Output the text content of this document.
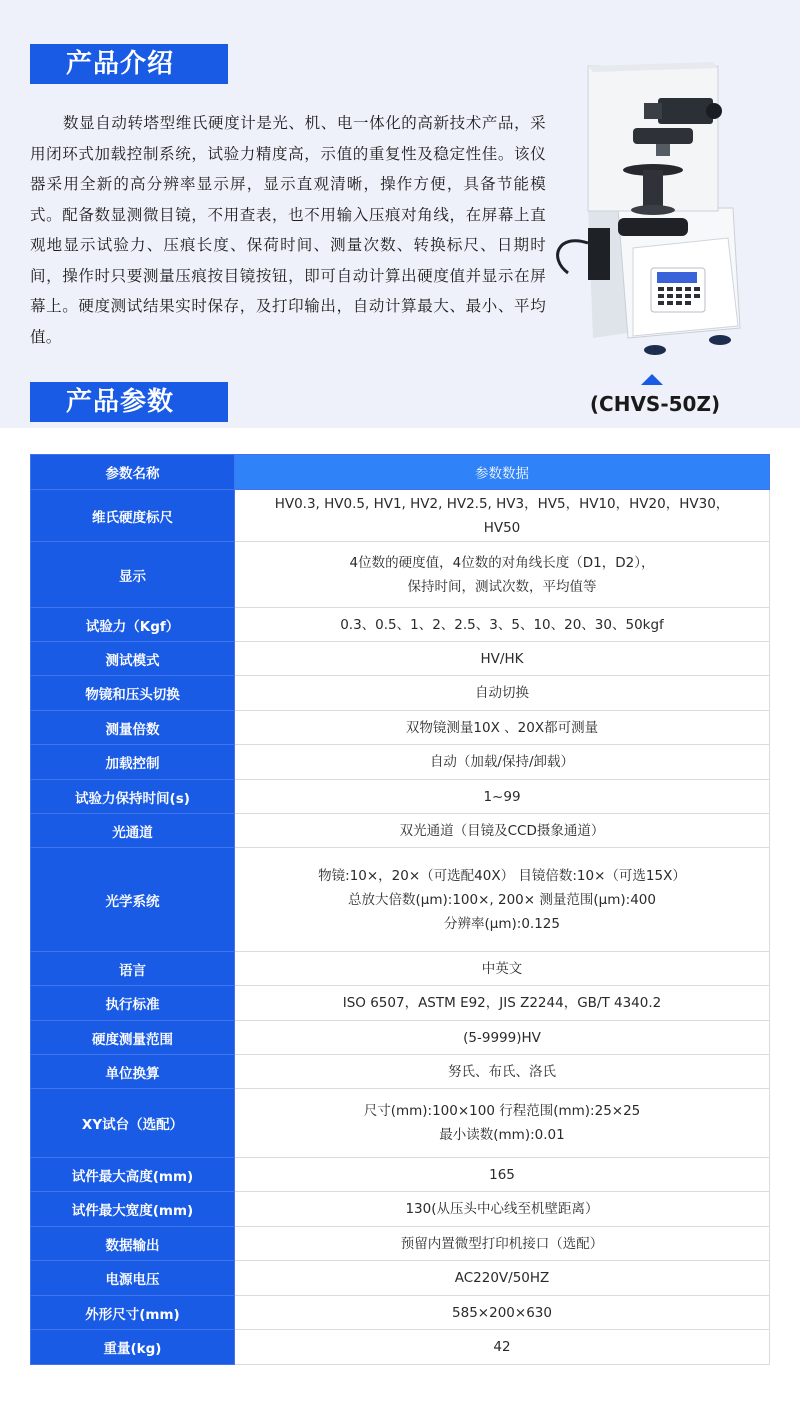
产品介绍

数显自动转塔型维氏硬度计是光、机、电一体化的高新技术产品，采用闭环式加载控制系统，试验力精度高，示值的重复性及稳定性佳。该仪器采用全新的高分辨率显示屏，显示直观清晰，操作方便，具备节能模式。配备数显测微目镜，不用查表，也不用输入压痕对角线，在屏幕上直观地显示试验力、压痕长度、保荷时间、测量次数、转换标尺、日期时间，操作时只要测量压痕按目镜按钮，即可自动计算出硬度值并显示在屏幕上。硬度测试结果实时保存，及打印输出，自动计算最大、最小、平均值。

(CHVS-50Z)
产品参数
参数名称	参数数据
维氏硬度标尺	HV0.3, HV0.5, HV1, HV2, HV2.5, HV3，HV5，HV10，HV20，HV30，
HV50

显示	4位数的硬度值，4位数的对角线长度（D1，D2），
保持时间，测试次数，平均值等

试验力（Kgf）	0.3、0.5、1、2、2.5、3、5、10、20、30、50kgf

测试模式	HV/HK

物镜和压头切换	自动切换

测量倍数	双物镜测量10X 、20X都可测量

加载控制	自动（加载/保持/卸载）

试验力保持时间(s)	1~99

光通道	双光通道（目镜及CCD摄象通道）

光学系统	物镜:10×，20×（可选配40X） 目镜倍数:10×（可选15X）
总放大倍数(μm):100×, 200× 测量范围(μm):400
分辨率(μm):0.125

语言	中英文

执行标准	ISO 6507，ASTM E92，JIS Z2244，GB/T 4340.2

硬度测量范围	(5-9999)HV

单位换算	努氏、布氏、洛氏

XY试台（选配）	尺寸(mm):100×100 行程范围(mm):25×25
最小读数(mm):0.01

试件最大高度(mm)	165

试件最大宽度(mm)	130(从压头中心线至机壁距离）

数据输出	预留内置微型打印机接口（选配）

电源电压	AC220V/50HZ

外形尺寸(mm)	585×200×630

重量(kg)	42
